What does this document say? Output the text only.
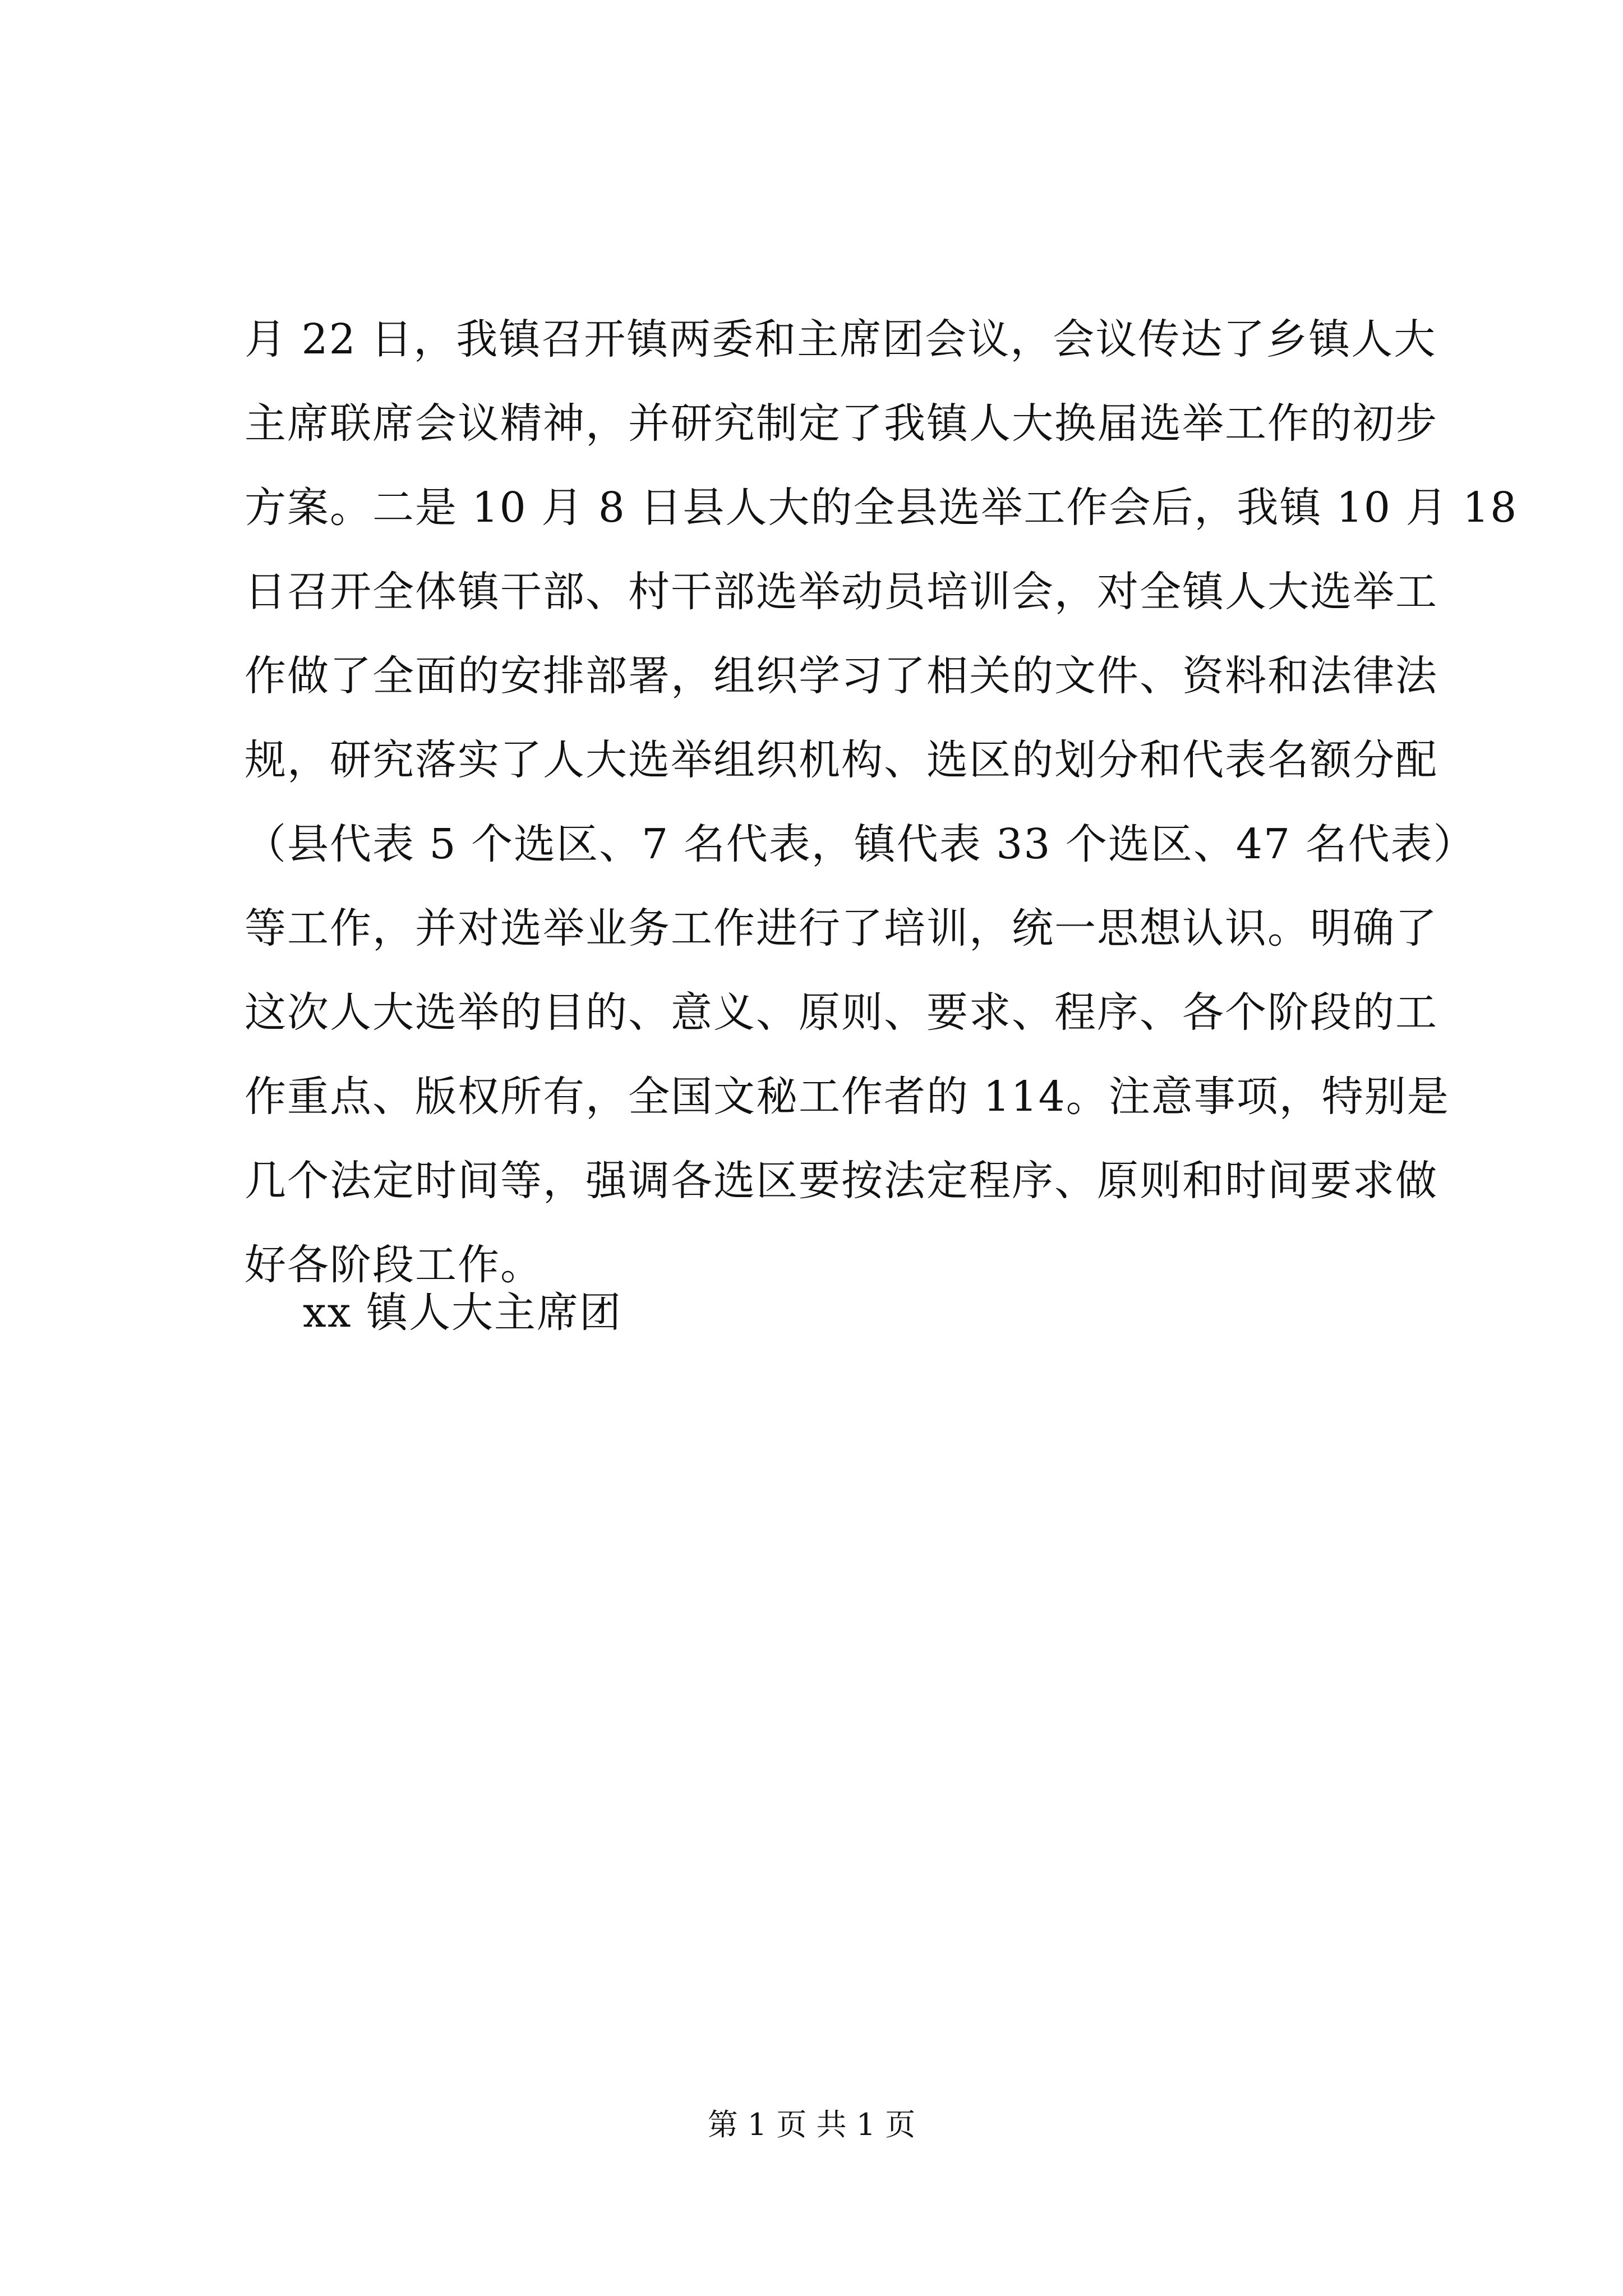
月 22 日，我镇召开镇两委和主席团会议，会议传达了乡镇人大
主席联席会议精神，并研究制定了我镇人大换届选举工作的初步
方案。二是 10 月 8 日县人大的全县选举工作会后，我镇 10 月 18
日召开全体镇干部、村干部选举动员培训会，对全镇人大选举工
作做了全面的安排部署，组织学习了相关的文件、资料和法律法
规，研究落实了人大选举组织机构、选区的划分和代表名额分配
（县代表 5 个选区、7 名代表，镇代表 33 个选区、47 名代表）
等工作，并对选举业务工作进行了培训，统一思想认识。明确了
这次人大选举的目的、意义、原则、要求、程序、各个阶段的工
作重点、版权所有，全国文秘工作者的 114。注意事项，特别是
几个法定时间等，强调各选区要按法定程序、原则和时间要求做
好各阶段工作。
xx 镇人大主席团
第 1 页 共 1 页
